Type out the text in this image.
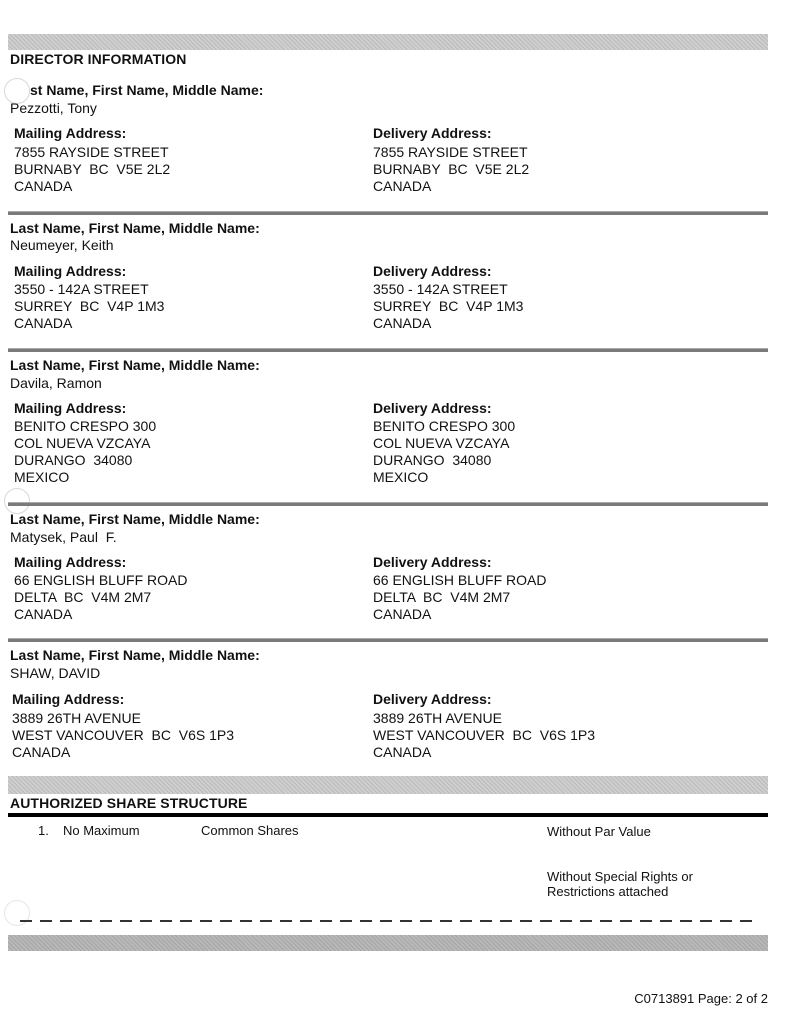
DIRECTOR INFORMATION
st Name, First Name, Middle Name:
Pezzotti, Tony
Mailing Address:
7855 RAYSIDE STREET
BURNABY  BC  V5E 2L2
CANADA
Delivery Address:
7855 RAYSIDE STREET
BURNABY  BC  V5E 2L2
CANADA
Last Name, First Name, Middle Name:
Neumeyer, Keith
Mailing Address:
3550 - 142A STREET
SURREY  BC  V4P 1M3
CANADA
Delivery Address:
3550 - 142A STREET
SURREY  BC  V4P 1M3
CANADA
Last Name, First Name, Middle Name:
Davila, Ramon
Mailing Address:
BENITO CRESPO 300
COL NUEVA VZCAYA
DURANGO  34080
MEXICO
Delivery Address:
BENITO CRESPO 300
COL NUEVA VZCAYA
DURANGO  34080
MEXICO
Last Name, First Name, Middle Name:
Matysek, Paul  F.
Mailing Address:
66 ENGLISH BLUFF ROAD
DELTA  BC  V4M 2M7
CANADA
Delivery Address:
66 ENGLISH BLUFF ROAD
DELTA  BC  V4M 2M7
CANADA
Last Name, First Name, Middle Name:
SHAW, DAVID
Mailing Address:
3889 26TH AVENUE
WEST VANCOUVER  BC  V6S 1P3
CANADA
Delivery Address:
3889 26TH AVENUE
WEST VANCOUVER  BC  V6S 1P3
CANADA
AUTHORIZED SHARE STRUCTURE
1. No Maximum	Common Shares	Without Par Value
Without Special Rights or
Restrictions attached
C0713891 Page: 2 of 2
